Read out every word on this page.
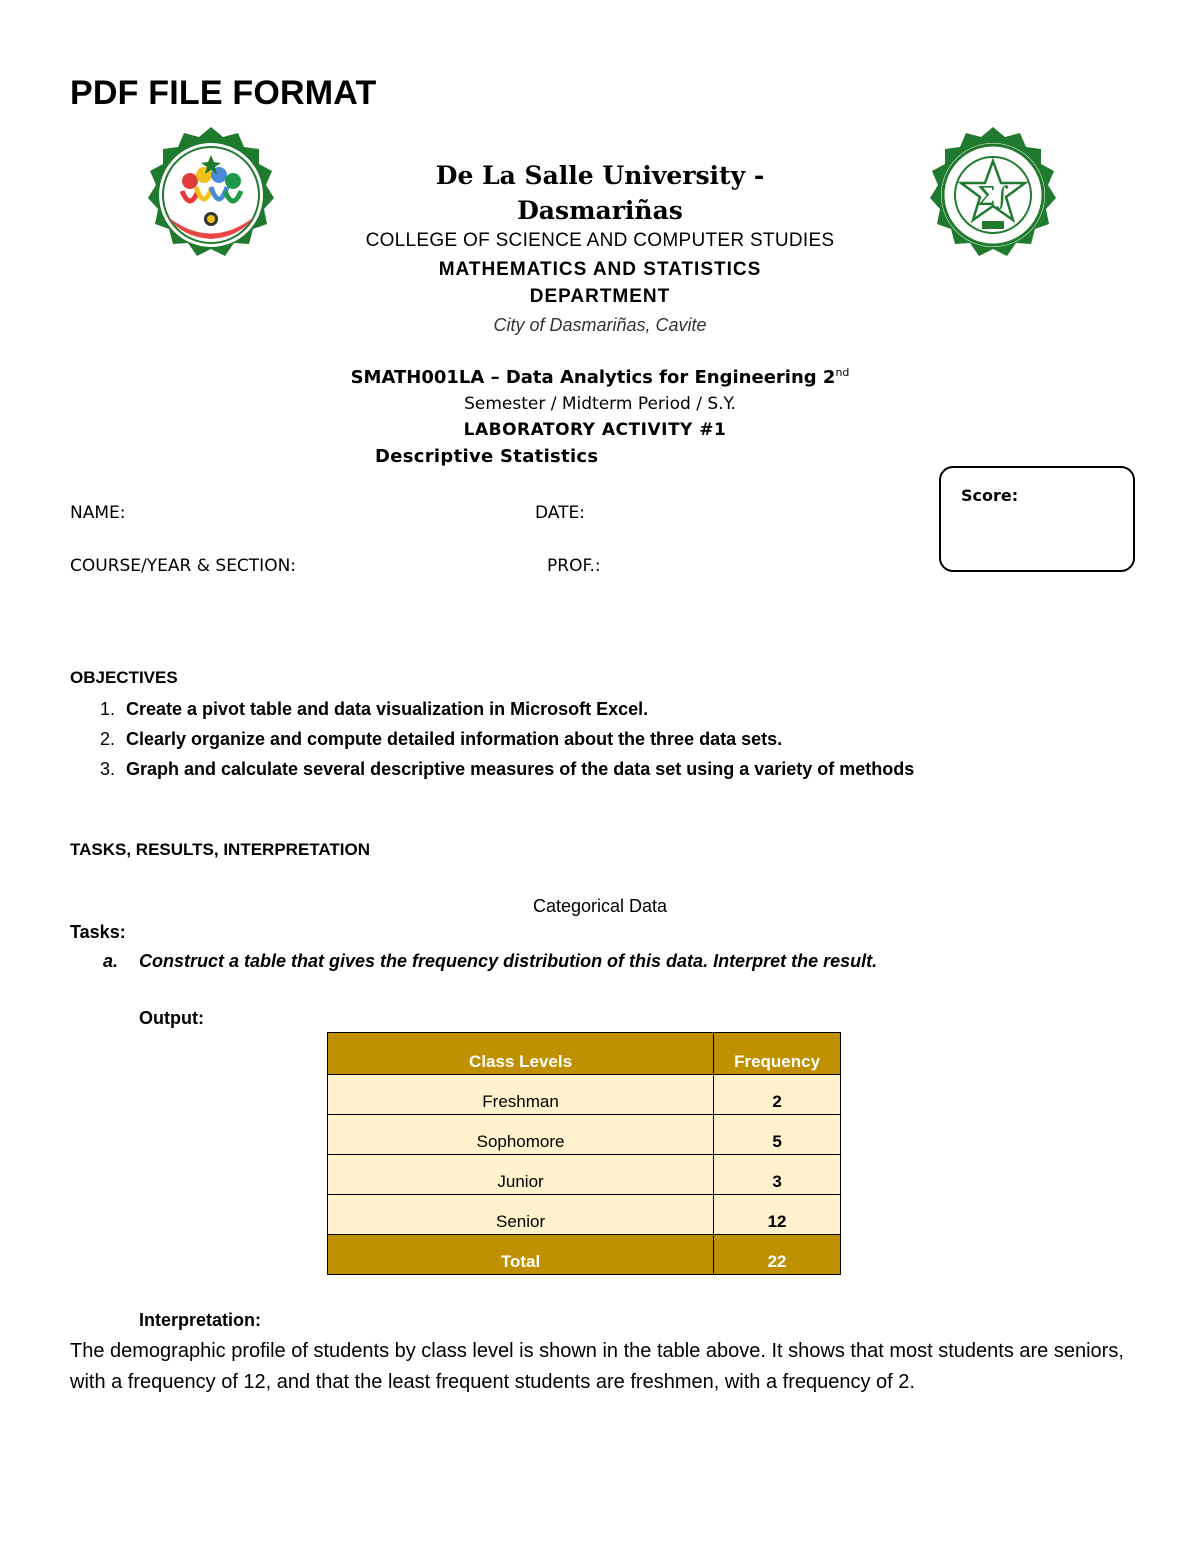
PDF FILE FORMAT
Σ∫
De La Salle University -
Dasmariñas
COLLEGE OF SCIENCE AND COMPUTER STUDIES
MATHEMATICS AND STATISTICS
DEPARTMENT
City of Dasmariñas, Cavite
SMATH001LA – Data Analytics for Engineering 2nd
Semester / Midterm Period / S.Y.
LABORATORY ACTIVITY #1
Descriptive Statistics
Score:
NAME:	DATE:
COURSE/YEAR & SECTION:	PROF.:
OBJECTIVES
1. Create a pivot table and data visualization in Microsoft Excel.
2. Clearly organize and compute detailed information about the three data sets.
3. Graph and calculate several descriptive measures of the data set using a variety of methods
TASKS, RESULTS, INTERPRETATION
Categorical Data
Tasks:
a. Construct a table that gives the frequency distribution of this data. Interpret the result.
Output:
Class Levels	Frequency
Freshman	2
Sophomore	5
Junior	3
Senior	12
Total	22
Interpretation:
The demographic profile of students by class level is shown in the table above. It shows that most students are seniors, with a frequency of 12, and that the least frequent students are freshmen, with a frequency of 2.
